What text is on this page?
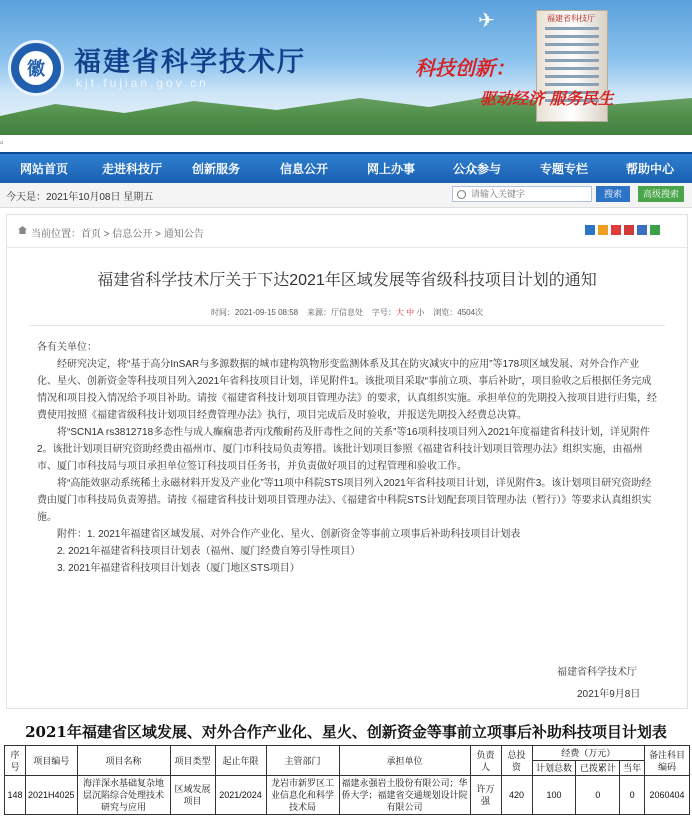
✈	福建省科技厅
徽 福建省科学技术厅
kjt.fujian.gov.cn
科技创新：
驱动经济 服务民生
▫
网站首页	走进科技厅 创新服务	信息公开	网上办事	公众参与	专题专栏	帮助中心
今天是：2021年10月08日 星期五
请输入关键字	搜索	高级搜索
当前位置：首页 > 信息公开 > 通知公告
福建省科学技术厅关于下达2021年区域发展等省级科技项目计划的通知
时间：2021-09-15 08:58 来源：厅信息处 字号：大 中 小 浏览：4504次

各有关单位：

经研究决定，将“基于高分InSAR与多源数据的城市建构筑物形变监测体系及其在防灾减灾中的应用”等178项区域发展、对外合作产业化、星火、创新资金等科技项目列入2021年省科技项目计划，详见附件1。该批项目采取“事前立项、事后补助”，项目验收之后根据任务完成情况和项目投入情况给予项目补助。请按《福建省科技计划项目管理办法》的要求，认真组织实施。承担单位的先期投入按项目进行归集，经费使用按照《福建省级科技计划项目经费管理办法》执行，项目完成后及时验收，并报送先期投入经费总决算。

将“SCN1A rs3812718多态性与成人癫痫患者丙戊酸耐药及肝毒性之间的关系”等16项科技项目列入2021年度福建省科技计划，详见附件2。该批计划项目研究资助经费由福州市、厦门市科技局负责筹措。该批计划项目参照《福建省科技计划项目管理办法》组织实施，由福州市、厦门市科技局与项目承担单位签订科技项目任务书，并负责做好项目的过程管理和验收工作。

将“高能效驱动系统稀土永磁材料开发及产业化”等11项中科院STS项目列入2021年省科技项目计划，详见附件3。该计划项目研究资助经费由厦门市科技局负责筹措。请按《福建省科技计划项目管理办法》、《福建省中科院STS计划配套项目管理办法（暂行）》等要求认真组织实施。

附件：1. 2021年福建省区域发展、对外合作产业化、星火、创新资金等事前立项事后补助科技项目计划表

2. 2021年福建省科技项目计划表（福州、厦门经费自筹引导性项目）

3. 2021年福建省科技项目计划表（厦门地区STS项目）

福建省科学技术厅
2021年9月8日
2021年福建省区域发展、对外合作产业化、星火、创新资金等事前立项事后补助科技项目计划表
序号	项目编号	项目名称	项目类型	起止年限	主管部门	承担单位	负责人	总投资	经费（万元）			备注科目编码
									计划总数	已拨累计	当年	
148	2021H4025	海洋深水基础复杂地层沉陷综合处理技术研究与应用	区域发展项目	2021/2024	龙岩市新罗区工业信息化和科学技术局	福建永强岩土股份有限公司；华侨大学；福建省交通规划设计院有限公司	许万强	420	100	0	0	2060404
